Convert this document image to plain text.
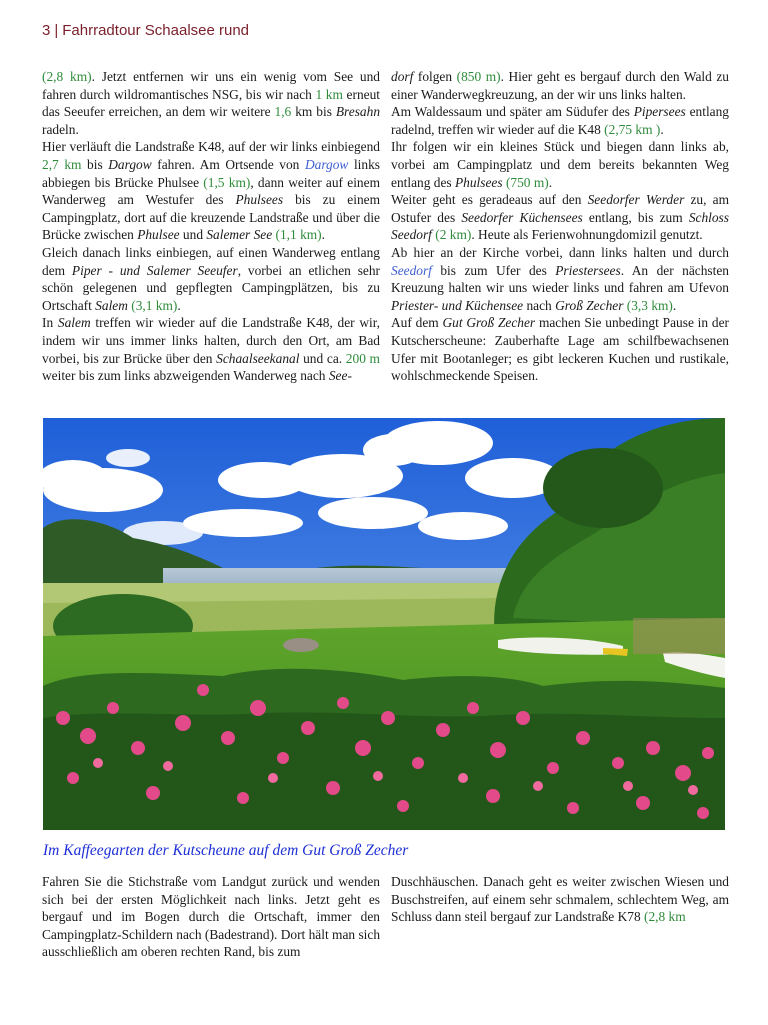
3 | Fahrradtour Schaalsee rund

(2,8 km). Jetzt entfernen wir uns ein wenig vom See und fahren durch wildromantisches NSG, bis wir nach 1 km erneut das Seeufer erreichen, an dem wir weitere 1,6 km bis Bresahn radeln.

Hier verläuft die Landstraße K48, auf der wir links einbiegend 2,7 km bis Dargow fahren. Am Ortsende von Dargow links abbiegen bis Brücke Phulsee (1,5 km), dann weiter auf einem Wanderweg am Westufer des Phulsees bis zu einem Campingplatz, dort auf die kreuzende Landstraße und über die Brücke zwischen Phulsee und Salemer See (1,1 km).

Gleich danach links einbiegen, auf einen Wanderweg entlang dem Piper - und Salemer Seeufer, vorbei an etlichen sehr schön gelegenen und gepflegten Campingplätzen, bis zu Ortschaft Salem (3,1 km).

In Salem treffen wir wieder auf die Landstraße K48, der wir, indem wir uns immer links halten, durch den Ort, am Bad vorbei, bis zur Brücke über den Schaalseekanal und ca. 200 m weiter bis zum links abzweigenden Wanderweg nach See-

dorf folgen (850 m). Hier geht es bergauf durch den Wald zu einer Wanderwegkreuzung, an der wir uns links halten.

Am Waldessaum und später am Südufer des Pipersees entlang radelnd, treffen wir wieder auf die K48 (2,75 km ).

Ihr folgen wir ein kleines Stück und biegen dann links ab, vorbei am Campingplatz und dem bereits bekannten Weg entlang des Phulsees (750 m).

Weiter geht es geradeaus auf den Seedorfer Werder zu, am Ostufer des Seedorfer Küchensees entlang, bis zum Schloss Seedorf (2 km). Heute als Ferienwohnungdomizil genutzt.

Ab hier an der Kirche vorbei, dann links halten und durch Seedorf bis zum Ufer des Priestersees. An der nächsten Kreuzung halten wir uns wieder links und fahren am Ufevon Priester- und Küchensee nach Groß Zecher (3,3 km).

Auf dem Gut Groß Zecher machen Sie unbedingt Pause in der Kutscherscheune: Zauberhafte Lage am schilfbewachsenen Ufer mit Bootanleger; es gibt leckeren Kuchen und rustikale, wohlschmeckende Speisen.

Im Kaffeegarten der Kutscheune auf dem Gut Groß Zecher

Fahren Sie die Stichstraße vom Landgut zurück und wenden sich bei der ersten Möglichkeit nach links. Jetzt geht es bergauf und im Bogen durch die Ortschaft, immer den Campingplatz-Schildern nach (Badestrand). Dort hält man sich ausschließlich am oberen rechten Rand, bis zum

Duschhäuschen. Danach geht es weiter zwischen Wiesen und Buschstreifen, auf einem sehr schmalem, schlechtem Weg, am Schluss dann steil bergauf zur Landstraße K78 (2,8 km
